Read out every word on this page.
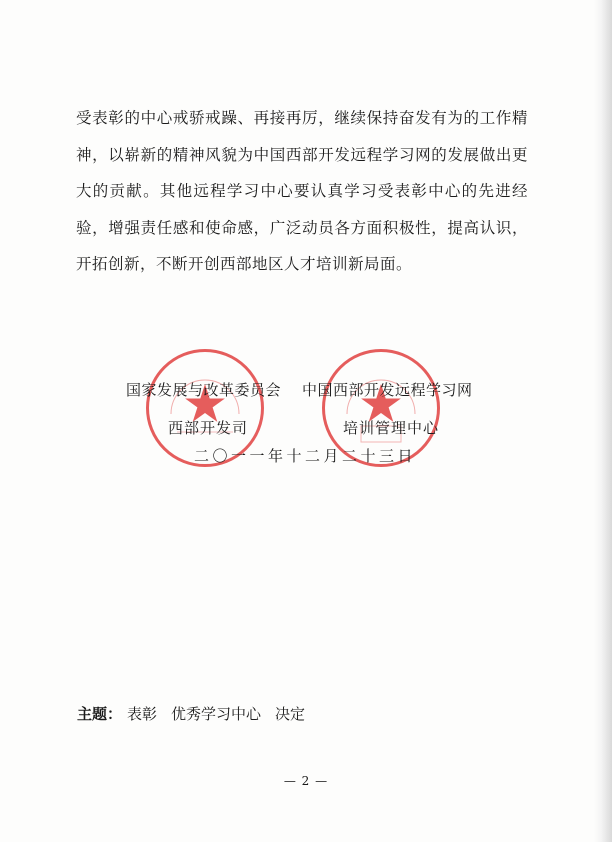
受表彰的中心戒骄戒躁、再接再厉，继续保持奋发有为的工作精神，以崭新的精神风貌为中国西部开发远程学习网的发展做出更大的贡献。其他远程学习中心要认真学习受表彰中心的先进经验，增强责任感和使命感，广泛动员各方面积极性，提高认识，开拓创新，不断开创西部地区人才培训新局面。

国家发展与改革委员会 中国西部开发远程学习网
西部开发司	培训管理中心
二〇一一年十二月二十三日
主题： 表彰 优秀学习中心 决定
— 2 —
